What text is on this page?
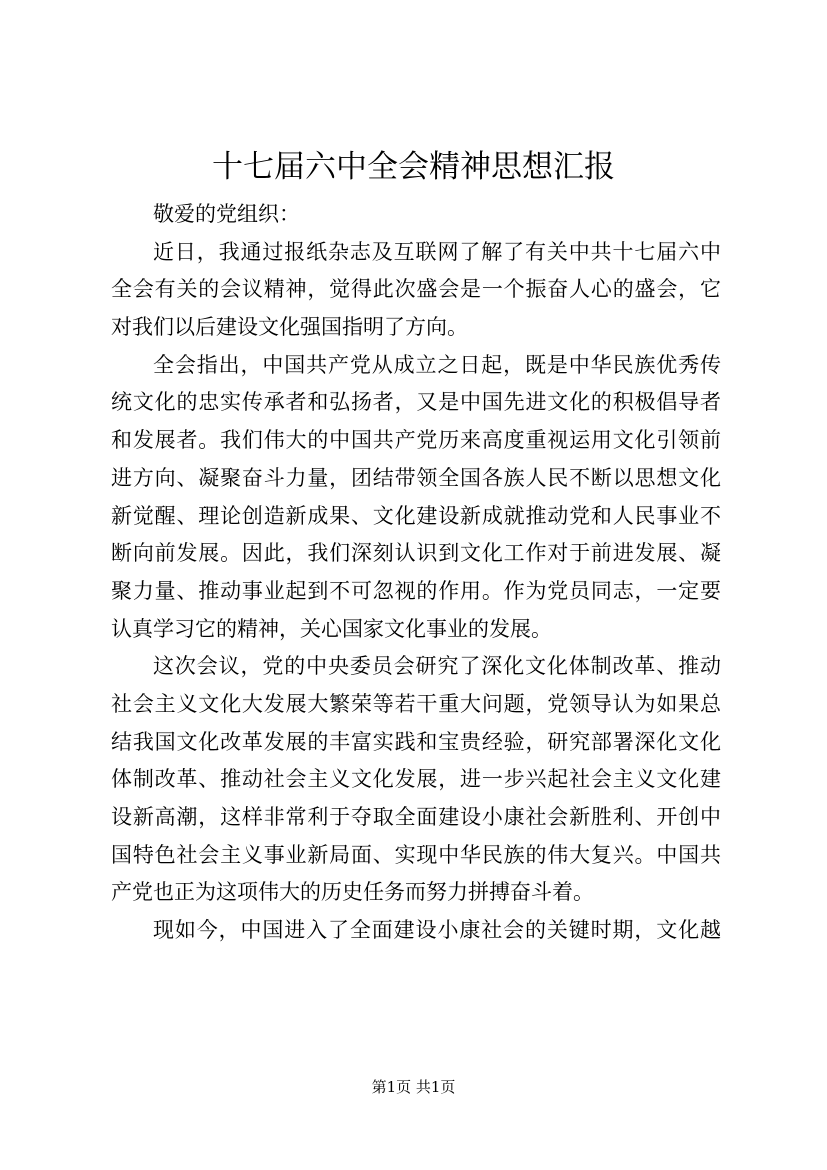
十七届六中全会精神思想汇报
敬爱的党组织：
近日，我通过报纸杂志及互联网了解了有关中共十七届六中
全会有关的会议精神，觉得此次盛会是一个振奋人心的盛会，它
对我们以后建设文化强国指明了方向。
全会指出，中国共产党从成立之日起，既是中华民族优秀传
统文化的忠实传承者和弘扬者，又是中国先进文化的积极倡导者
和发展者。我们伟大的中国共产党历来高度重视运用文化引领前
进方向、凝聚奋斗力量，团结带领全国各族人民不断以思想文化
新觉醒、理论创造新成果、文化建设新成就推动党和人民事业不
断向前发展。因此，我们深刻认识到文化工作对于前进发展、凝
聚力量、推动事业起到不可忽视的作用。作为党员同志，一定要
认真学习它的精神，关心国家文化事业的发展。
这次会议，党的中央委员会研究了深化文化体制改革、推动
社会主义文化大发展大繁荣等若干重大问题，党领导认为如果总
结我国文化改革发展的丰富实践和宝贵经验，研究部署深化文化
体制改革、推动社会主义文化发展，进一步兴起社会主义文化建
设新高潮，这样非常利于夺取全面建设小康社会新胜利、开创中
国特色社会主义事业新局面、实现中华民族的伟大复兴。中国共
产党也正为这项伟大的历史任务而努力拼搏奋斗着。
现如今，中国进入了全面建设小康社会的关键时期，文化越
第1页 共1页
